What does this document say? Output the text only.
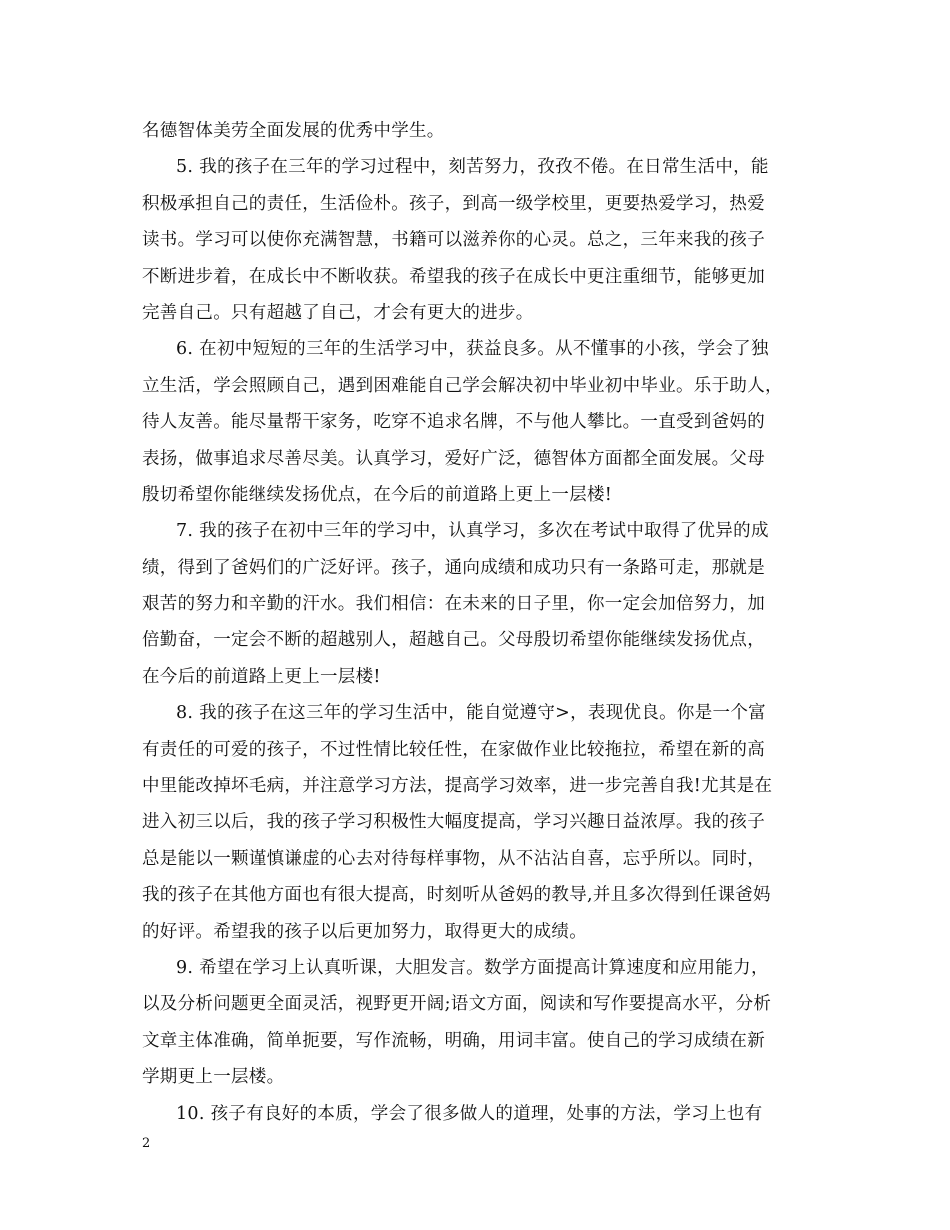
名德智体美劳全面发展的优秀中学生。
5. 我的孩子在三年的学习过程中，刻苦努力，孜孜不倦。在日常生活中，能
积极承担自己的责任，生活俭朴。孩子，到高一级学校里，更要热爱学习，热爱
读书。学习可以使你充满智慧，书籍可以滋养你的心灵。总之，三年来我的孩子
不断进步着，在成长中不断收获。希望我的孩子在成长中更注重细节，能够更加
完善自己。只有超越了自己，才会有更大的进步。
6. 在初中短短的三年的生活学习中，获益良多。从不懂事的小孩，学会了独
立生活，学会照顾自己，遇到困难能自己学会解决初中毕业初中毕业。乐于助人，
待人友善。能尽量帮干家务，吃穿不追求名牌，不与他人攀比。一直受到爸妈的
表扬，做事追求尽善尽美。认真学习，爱好广泛，德智体方面都全面发展。父母
殷切希望你能继续发扬优点，在今后的前道路上更上一层楼!
7. 我的孩子在初中三年的学习中，认真学习，多次在考试中取得了优异的成
绩，得到了爸妈们的广泛好评。孩子，通向成绩和成功只有一条路可走，那就是
艰苦的努力和辛勤的汗水。我们相信：在未来的日子里，你一定会加倍努力，加
倍勤奋，一定会不断的超越别人，超越自己。父母殷切希望你能继续发扬优点，
在今后的前道路上更上一层楼!
8. 我的孩子在这三年的学习生活中，能自觉遵守>，表现优良。你是一个富
有责任的可爱的孩子，不过性情比较任性，在家做作业比较拖拉，希望在新的高
中里能改掉坏毛病，并注意学习方法，提高学习效率，进一步完善自我!尤其是在
进入初三以后，我的孩子学习积极性大幅度提高，学习兴趣日益浓厚。我的孩子
总是能以一颗谨慎谦虚的心去对待每样事物，从不沾沾自喜，忘乎所以。同时，
我的孩子在其他方面也有很大提高，时刻听从爸妈的教导,并且多次得到任课爸妈
的好评。希望我的孩子以后更加努力，取得更大的成绩。
9. 希望在学习上认真听课，大胆发言。数学方面提高计算速度和应用能力，
以及分析问题更全面灵活，视野更开阔;语文方面，阅读和写作要提高水平，分析
文章主体准确，简单扼要，写作流畅，明确，用词丰富。使自己的学习成绩在新
学期更上一层楼。
10. 孩子有良好的本质，学会了很多做人的道理，处事的方法，学习上也有
2
